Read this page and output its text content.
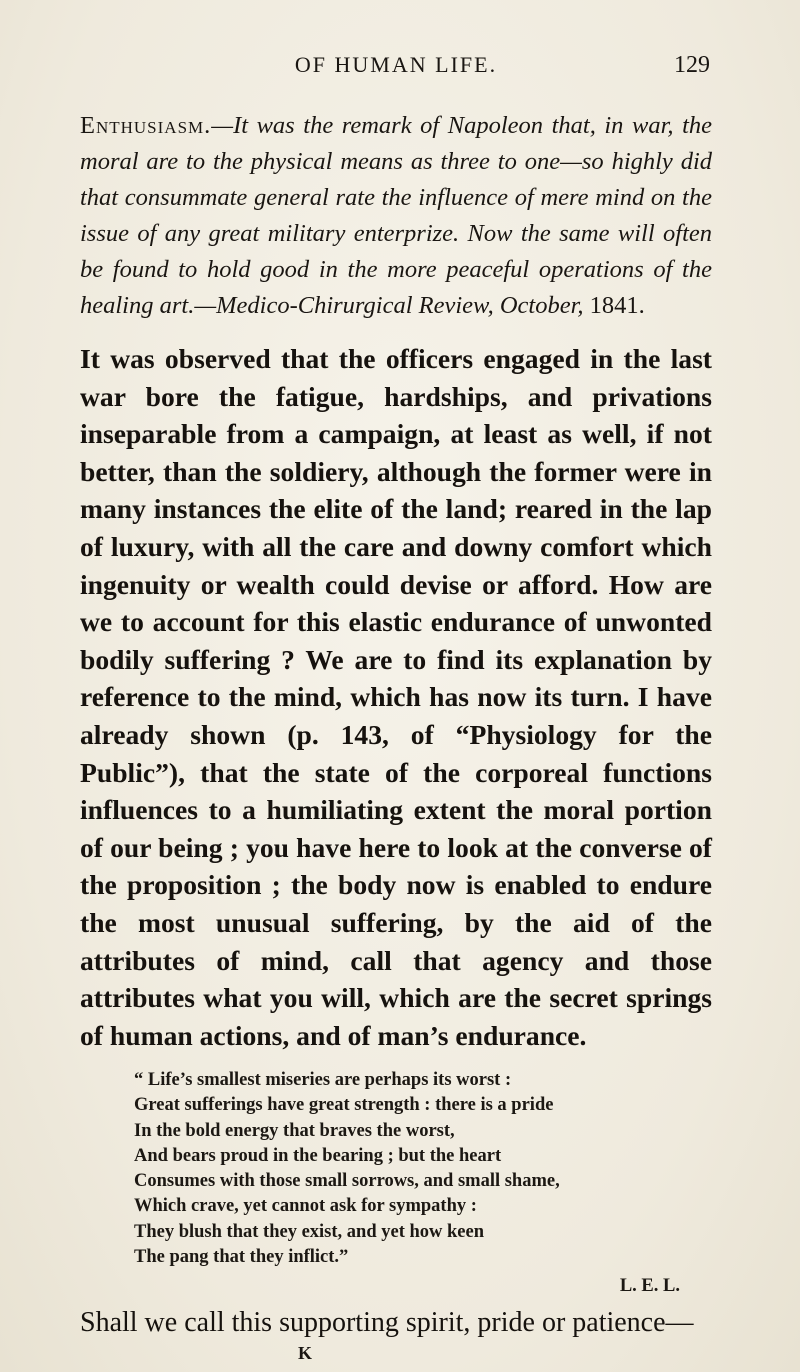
OF HUMAN LIFE.	129
Enthusiasm.—It was the remark of Napoleon that, in war, the moral are to the physical means as three to one—so highly did that consummate general rate the influence of mere mind on the issue of any great military enterprize. Now the same will often be found to hold good in the more peaceful operations of the healing art.—Medico-Chirurgical Review, October, 1841.
It was observed that the officers engaged in the last war bore the fatigue, hardships, and privations inseparable from a campaign, at least as well, if not better, than the soldiery, although the former were in many instances the elite of the land; reared in the lap of luxury, with all the care and downy comfort which ingenuity or wealth could devise or afford. How are we to account for this elastic endurance of unwonted bodily suffering ? We are to find its explanation by reference to the mind, which has now its turn. I have already shown (p. 143, of “Physiology for the Public”), that the state of the corporeal functions influences to a humiliating extent the moral portion of our being ; you have here to look at the converse of the proposition ; the body now is enabled to endure the most unusual suffering, by the aid of the attributes of mind, call that agency and those attributes what you will, which are the secret springs of human actions, and of man’s endurance.
“ Life’s smallest miseries are perhaps its worst :
Great sufferings have great strength : there is a pride
In the bold energy that braves the worst,
And bears proud in the bearing ; but the heart
Consumes with those small sorrows, and small shame,
Which crave, yet cannot ask for sympathy :
They blush that they exist, and yet how keen
The pang that they inflict.”
L. E. L.
Shall we call this supporting spirit, pride or patience—
K
